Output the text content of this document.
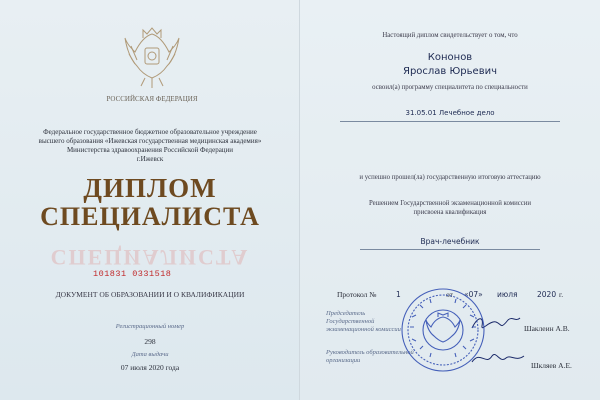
РОССИЙСКАЯ ФЕДЕРАЦИЯ
Федеральное государственное бюджетное образовательное учреждение
высшего образования «Ижевская государственная медицинская академия»
Министерства здравоохранения Российской Федерации
г.Ижевск
ДИПЛОМ
СПЕЦИАЛИСТА
СПЕЦИАЛИСТА
101831 0331518
ДОКУМЕНТ ОБ ОБРАЗОВАНИИ И О КВАЛИФИКАЦИИ
Регистрационный номер
298
Дата выдачи
07 июля 2020 года
Настоящий диплом свидетельствует о том, что
Кононов
Ярослав Юрьевич
освоил(а) программу специалитета по специальности
31.05.01 Лечебное дело
и успешно прошел(ла) государственную итоговую аттестацию
Решением Государственной экзаменационной комиссии
присвоена квалификация
Врач-лечебник
Протокол №	1	от «07» июля	2020 г.
Председатель
Государственной
экзаменационной комиссии	Шаклеин А.В.
Руководитель образовательной
организации
Шкляев А.Е.
